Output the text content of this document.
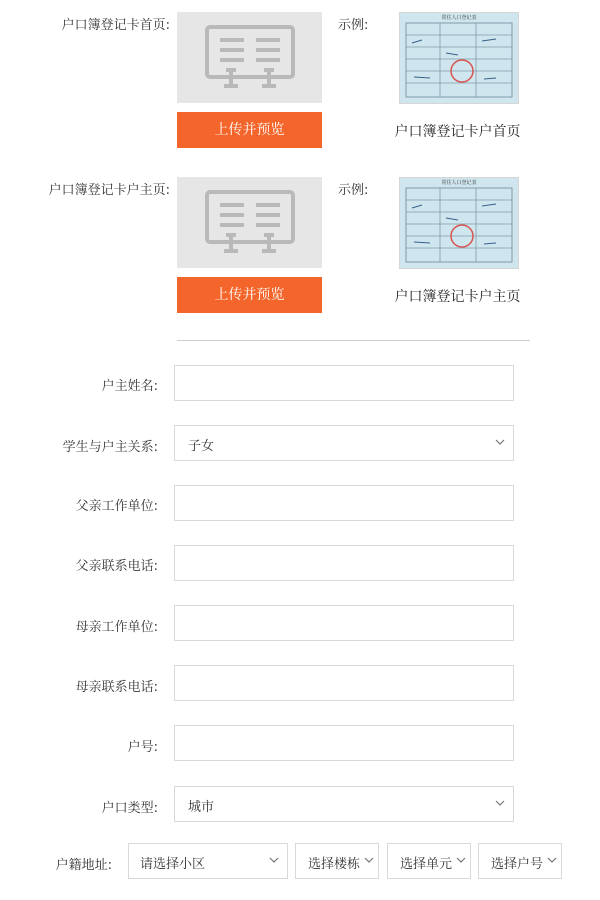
户口簿登记卡首页:
上传并预览
示例:	常住人口登记表
户口簿登记卡户首页
户口簿登记卡户主页:
上传并预览
示例:	常住人口登记表
户口簿登记卡户主页
户主姓名:
学生与户主关系: 子女
父亲工作单位:
父亲联系电话:
母亲工作单位:
母亲联系电话:
户号:
户口类型: 城市
户籍地址: 请选择小区	选择楼栋	选择单元	选择户号
